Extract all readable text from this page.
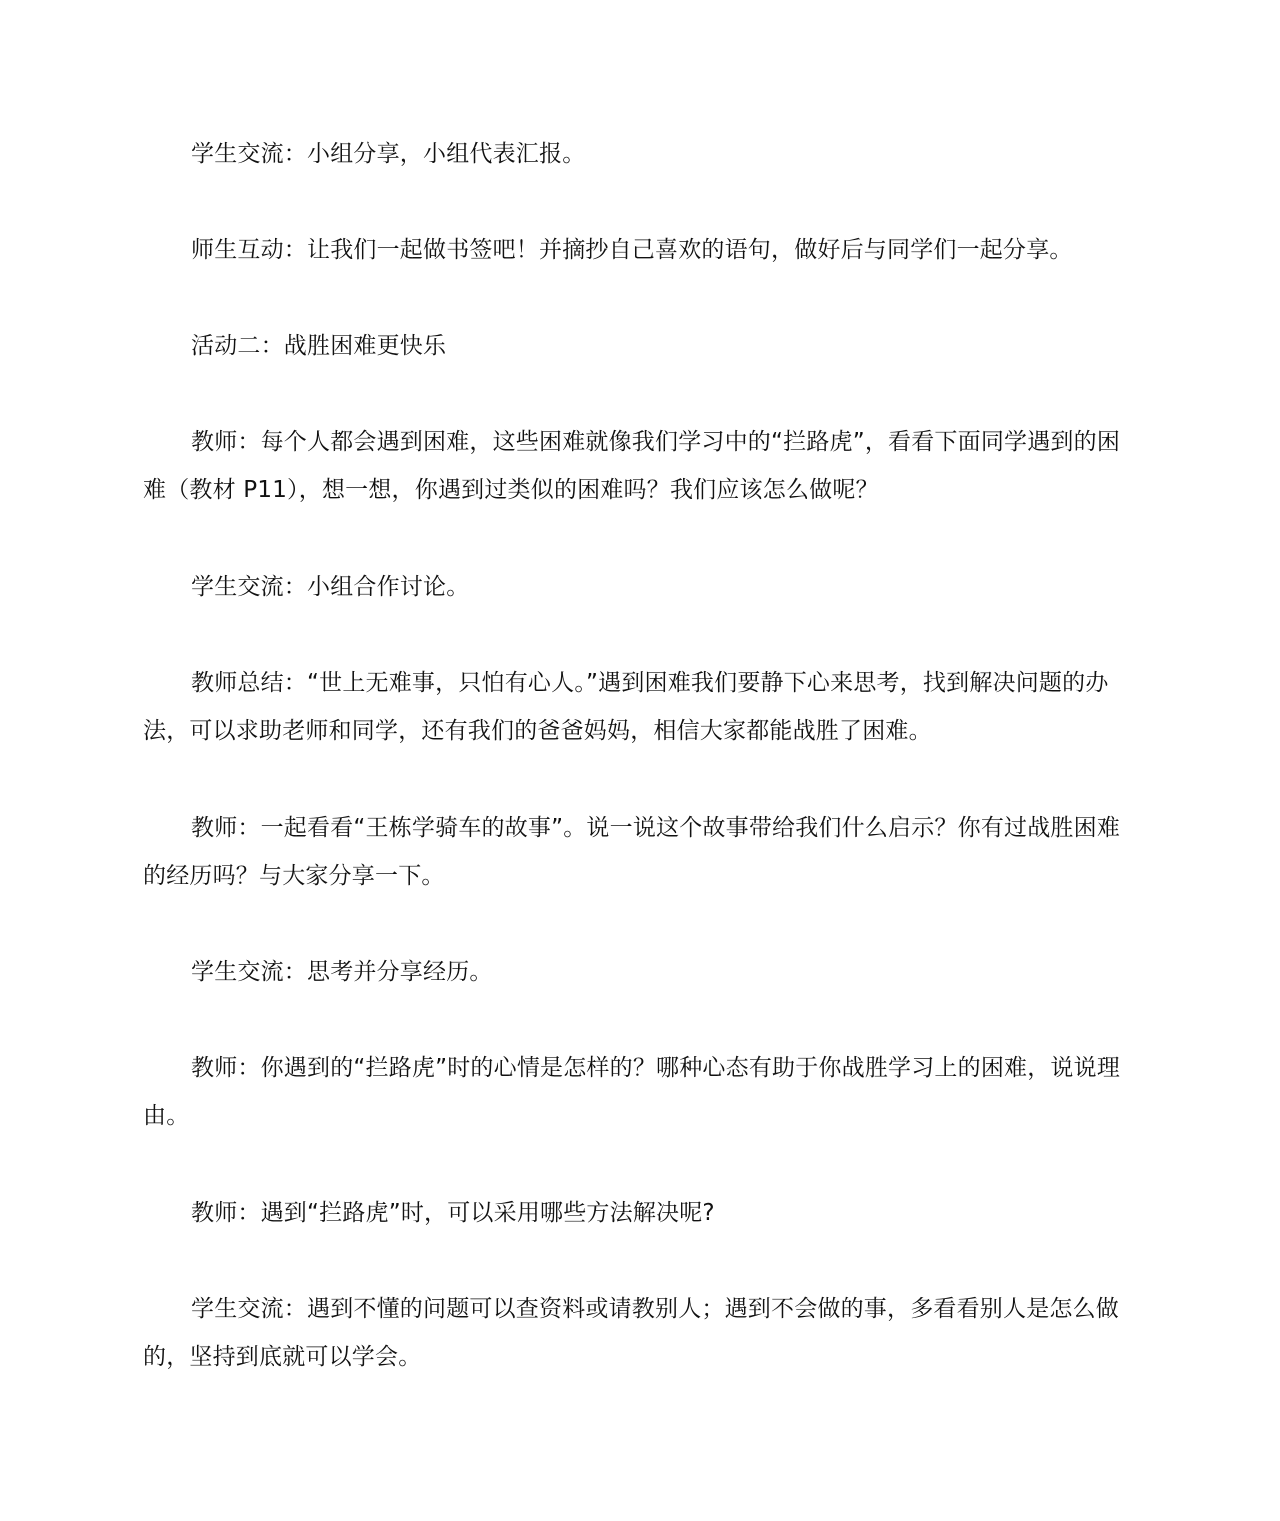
学生交流：小组分享，小组代表汇报。

师生互动：让我们一起做书签吧！并摘抄自己喜欢的语句，做好后与同学们一起分享。

活动二：战胜困难更快乐

教师：每个人都会遇到困难，这些困难就像我们学习中的“拦路虎”，看看下面同学遇到的困难（教材 P11），想一想，你遇到过类似的困难吗？我们应该怎么做呢？

学生交流：小组合作讨论。

教师总结：“世上无难事，只怕有心人。”遇到困难我们要静下心来思考，找到解决问题的办法，可以求助老师和同学，还有我们的爸爸妈妈，相信大家都能战胜了困难。

教师：一起看看“王栋学骑车的故事”。说一说这个故事带给我们什么启示？你有过战胜困难的经历吗？与大家分享一下。

学生交流：思考并分享经历。

教师：你遇到的“拦路虎”时的心情是怎样的？哪种心态有助于你战胜学习上的困难，说说理由。

教师：遇到“拦路虎”时，可以采用哪些方法解决呢?

学生交流：遇到不懂的问题可以查资料或请教别人；遇到不会做的事，多看看别人是怎么做的，坚持到底就可以学会。
